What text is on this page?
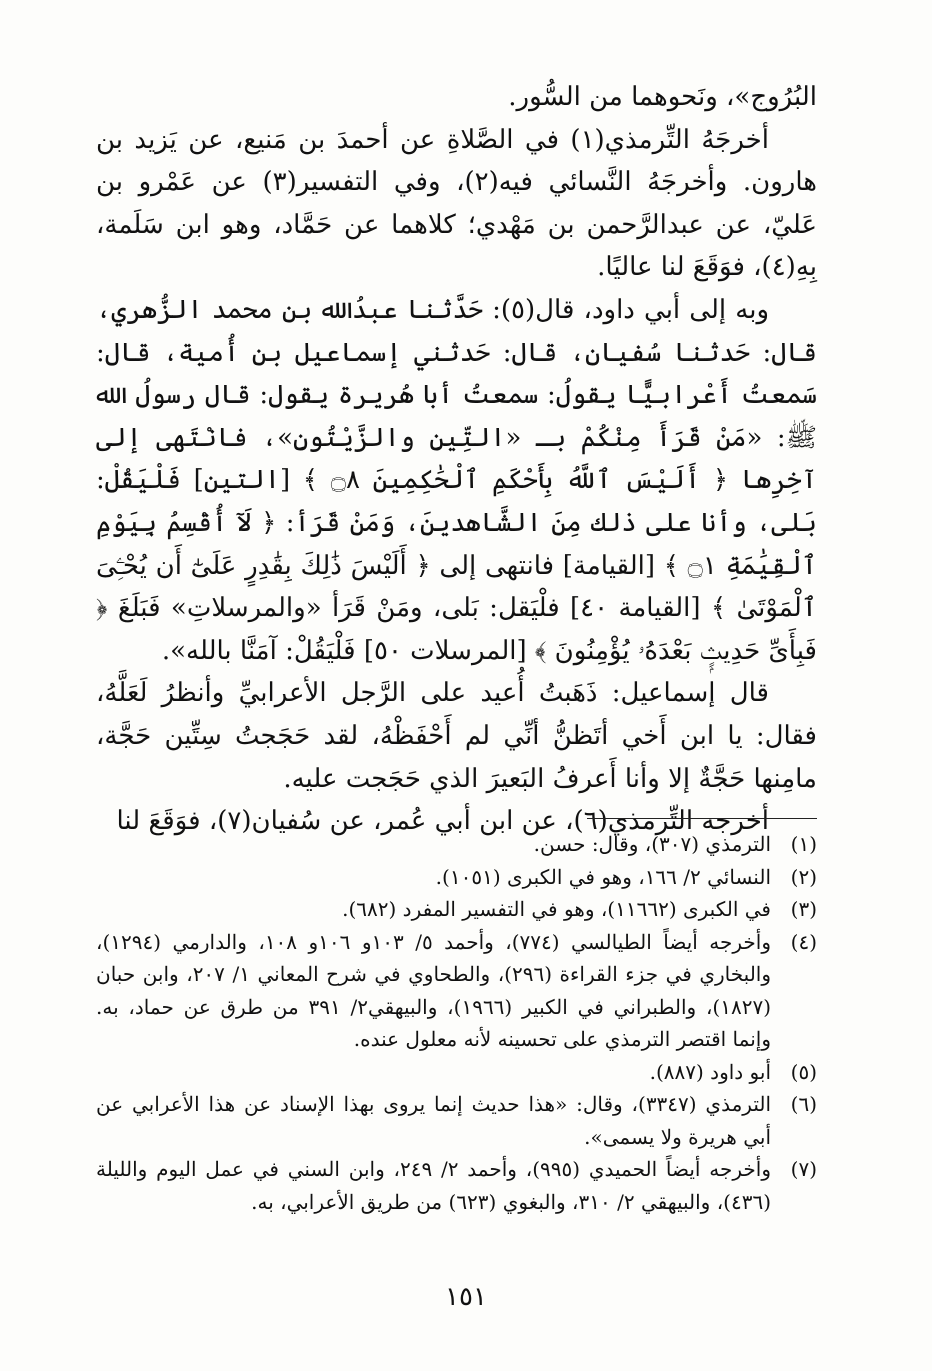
البُرُوج»، ونَحوهما من السُّور.

أخرجَهُ التِّرمذي(١) في الصَّلاةِ عن أحمدَ بن مَنيع، عن يَزيد بن هارون. وأخرجَهُ النَّسائي فيه(٢)، وفي التفسير(٣) عن عَمْرو بن عَليّ، عن عبدالرَّحمن بن مَهْدي؛ كلاهما عن حَمَّاد، وهو ابن سَلَمة، بِهِ(٤)، فوَقَعَ لنا عاليًا.

وبه إلى أبي داود، قال(٥): حَدَّثنا عبدُالله بن محمد الزُّهري، قال: حَدثنا سُفيان، قال: حَدثني إسماعيل بن أُمية، قال: سَمعتُ أَعْرابيًّا يقولُ: سمعتُ أبا هُريرة يقول: قال رسولُ الله ﷺ: «مَنْ قَرَأَ مِنْكُمْ بـ «التِّينِ والزَّيْتُونِ»، فانْتَهى إلى آخِرِها ﴿ أَلَيْسَ ٱللَّهُ بِأَحْكَمِ ٱلْحَٰكِمِينَ ۝٨ ﴾ [التين] فَلْيَقُلْ: بَلى، وأنا على ذلك مِنَ الشَّاهدينَ، وَمَنْ قَرَأ: ﴿ لَآ أُقْسِمُ بِيَوْمِ ٱلْقِيَٰمَةِ ۝١ ﴾ [القيامة] فانتهى إلى ﴿ أَلَيْسَ ذَٰلِكَ بِقَٰدِرٍ عَلَىٰٓ أَن يُحْـِۧىَ ٱلْمَوْتَىٰ ﴾ [القيامة ٤٠] فلْيَقل: بَلى، ومَنْ قَرَأ «والمرسلاتِ» فَبَلَغَ ﴿ فَبِأَىِّ حَدِيثٍۭ بَعْدَهُۥ يُؤْمِنُونَ ﴾ [المرسلات ٥٠] فَلْيَقُلْ: آمَنَّا بالله».

قال إسماعيل: ذَهَبتُ أُعيد على الرَّجل الأعرابيِّ وأنظرُ لَعَلَّهُ، فقال: يا ابن أَخي أتَظنُّ أنِّي لم أَحْفَظْهُ، لقد حَجَجتُ سِتِّين حَجَّة، مامِنها حَجَّةٌ إلا وأنا أَعرفُ البَعيرَ الذي حَجَجت عليه.

أخرجه التِّرمذي(٦)، عن ابن أبي عُمر، عن سُفيان(٧)، فوَقَعَ لنا

(١)
الترمذي (٣٠٧)، وقال: حسن.
(٢)
النسائي ٢/ ١٦٦، وهو في الكبرى (١٠٥١).
(٣)
في الكبرى (١١٦٦٢)، وهو في التفسير المفرد (٦٨٢).
(٤)
وأخرجه أيضاً الطيالسي (٧٧٤)، وأحمد ٥/ ١٠٣و ١٠٦و ١٠٨، والدارمي (١٢٩٤)، والبخاري في جزء القراءة (٢٩٦)، والطحاوي في شرح المعاني ١/ ٢٠٧، وابن حبان (١٨٢٧)، والطبراني في الكبير (١٩٦٦)، والبيهقي٢/ ٣٩١ من طرق عن حماد، به. وإنما اقتصر الترمذي على تحسينه لأنه معلول عنده.
(٥)
أبو داود (٨٨٧).
(٦)
الترمذي (٣٣٤٧)، وقال: «هذا حديث إنما يروى بهذا الإسناد عن هذا الأعرابي عن أبي هريرة ولا يسمى».
(٧)
وأخرجه أيضاً الحميدي (٩٩٥)، وأحمد ٢/ ٢٤٩، وابن السني في عمل اليوم والليلة (٤٣٦)، والبيهقي ٢/ ٣١٠، والبغوي (٦٢٣) من طريق الأعرابي، به.
١٥١
